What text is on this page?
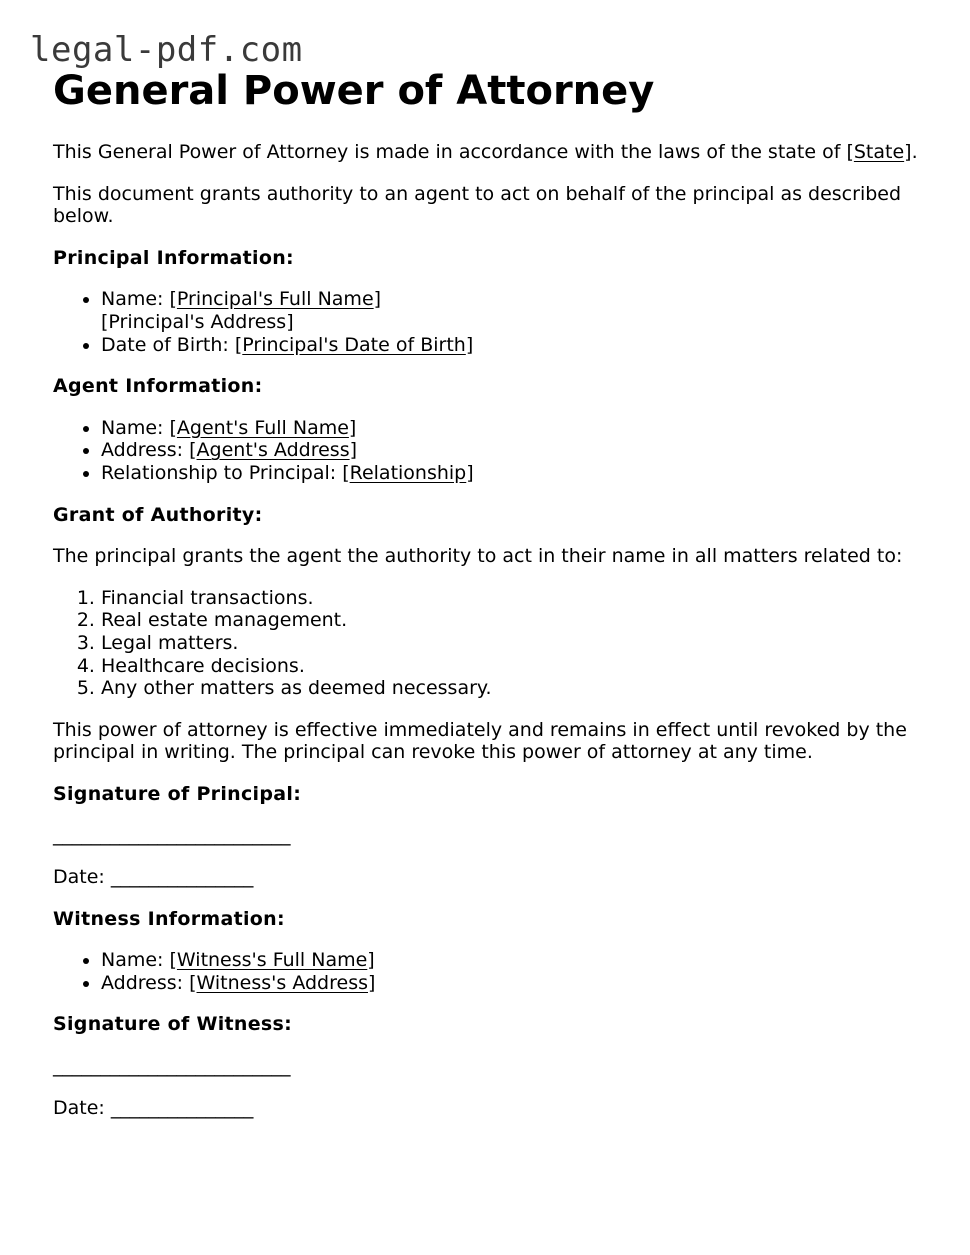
legal-pdf.com
General Power of Attorney

This General Power of Attorney is made in accordance with the laws of the state of [State].

This document grants authority to an agent to act on behalf of the principal as described below.

Principal Information:

• Name: [Principal's Full Name]
[Principal's Address]
• Date of Birth: [Principal's Date of Birth]

Agent Information:

• Name: [Agent's Full Name]
• Address: [Agent's Address]
• Relationship to Principal: [Relationship]

Grant of Authority:

The principal grants the agent the authority to act in their name in all matters related to:

1. Financial transactions.
2. Real estate management.
3. Legal matters.
4. Healthcare decisions.
5. Any other matters as deemed necessary.

This power of attorney is effective immediately and remains in effect until revoked by the principal in writing. The principal can revoke this power of attorney at any time.

Signature of Principal:

_________________________

Date: _______________

Witness Information:

• Name: [Witness's Full Name]
• Address: [Witness's Address]

Signature of Witness:

_________________________

Date: _______________
